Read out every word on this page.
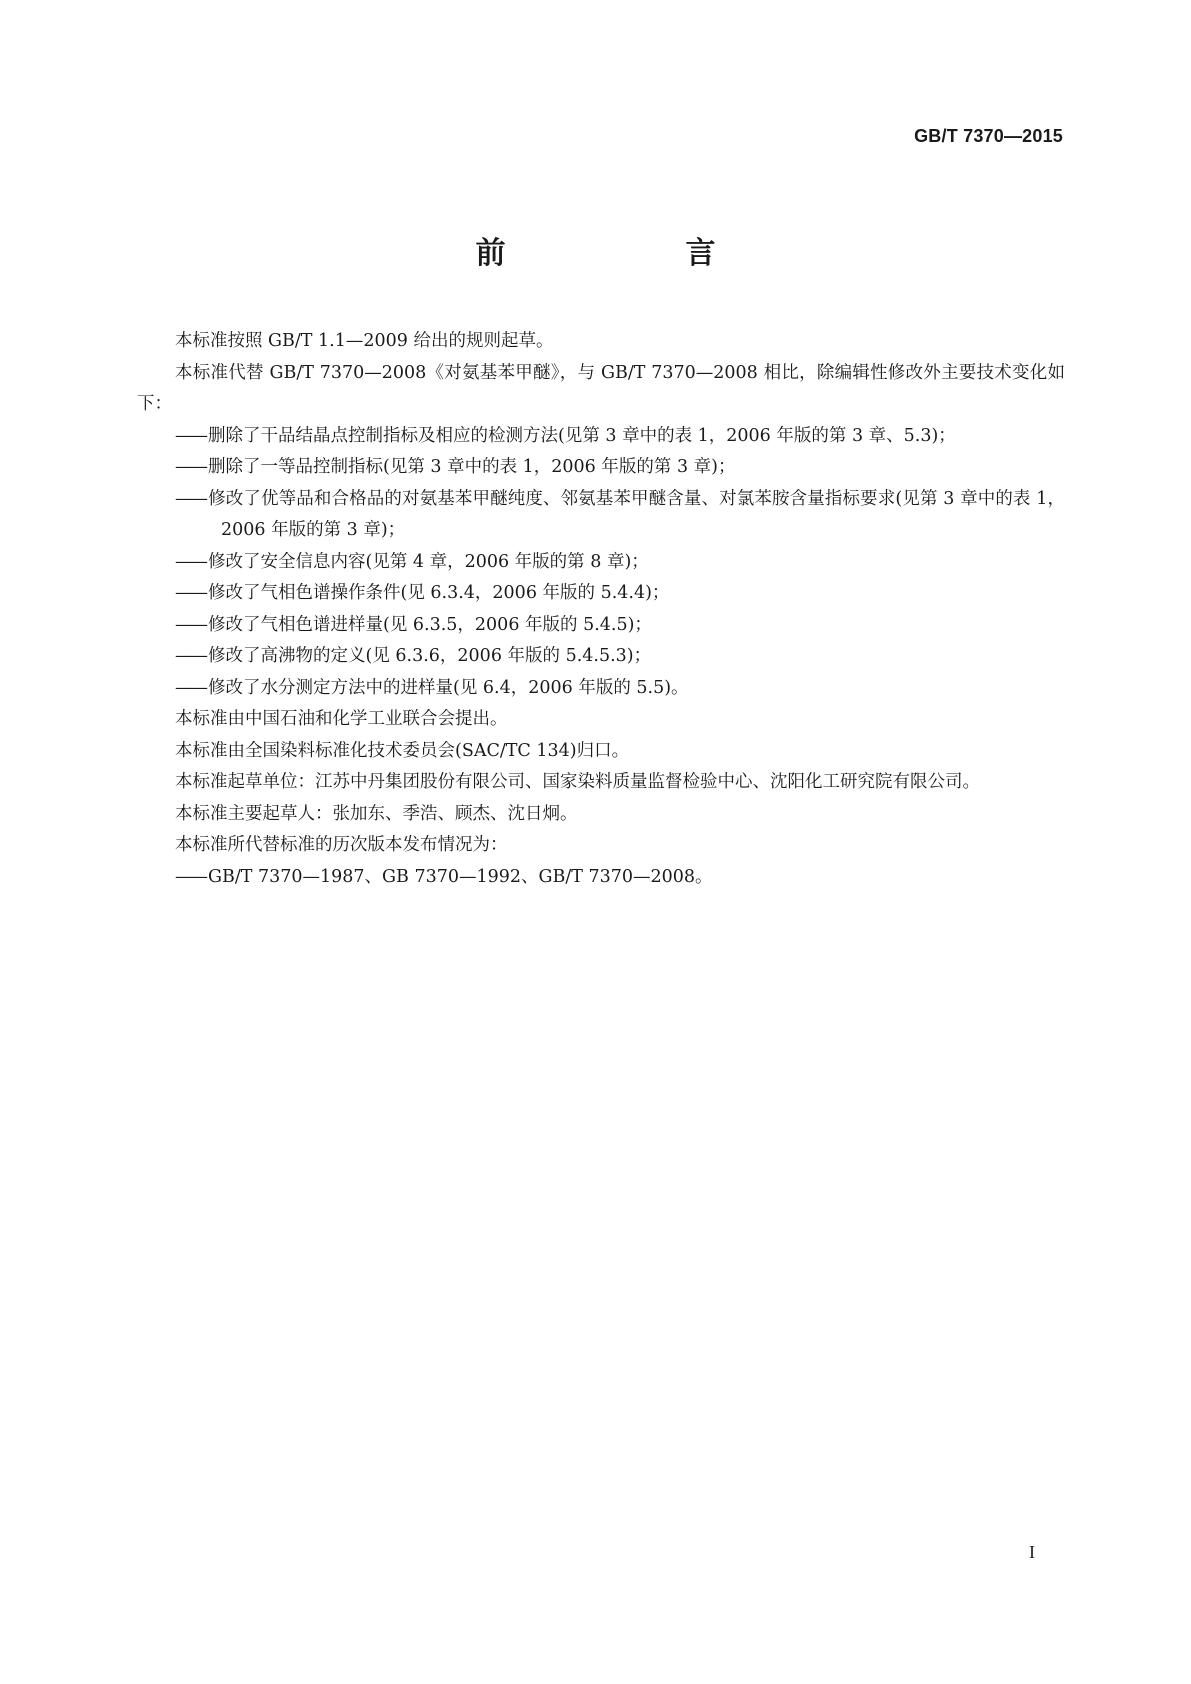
GB/T 7370—2015
前　　言

本标准按照 GB/T 1.1—2009 给出的规则起草。

本标准代替 GB/T 7370—2008《对氨基苯甲醚》，与 GB/T 7370—2008 相比，除编辑性修改外主要技术变化如下：

—— 删除了干品结晶点控制指标及相应的检测方法(见第 3 章中的表 1，2006 年版的第 3 章、5.3)；

—— 删除了一等品控制指标(见第 3 章中的表 1，2006 年版的第 3 章)；

—— 修改了优等品和合格品的对氨基苯甲醚纯度、邻氨基苯甲醚含量、对氯苯胺含量指标要求(见第 3 章中的表 1，2006 年版的第 3 章)；

—— 修改了安全信息内容(见第 4 章，2006 年版的第 8 章)；

—— 修改了气相色谱操作条件(见 6.3.4，2006 年版的 5.4.4)；

—— 修改了气相色谱进样量(见 6.3.5，2006 年版的 5.4.5)；

—— 修改了高沸物的定义(见 6.3.6，2006 年版的 5.4.5.3)；

—— 修改了水分测定方法中的进样量(见 6.4，2006 年版的 5.5)。

本标准由中国石油和化学工业联合会提出。

本标准由全国染料标准化技术委员会(SAC/TC 134)归口。

本标准起草单位：江苏中丹集团股份有限公司、国家染料质量监督检验中心、沈阳化工研究院有限公司。

本标准主要起草人：张加东、季浩、顾杰、沈日炯。

本标准所代替标准的历次版本发布情况为：

—— GB/T 7370—1987、GB 7370—1992、GB/T 7370—2008。

I
